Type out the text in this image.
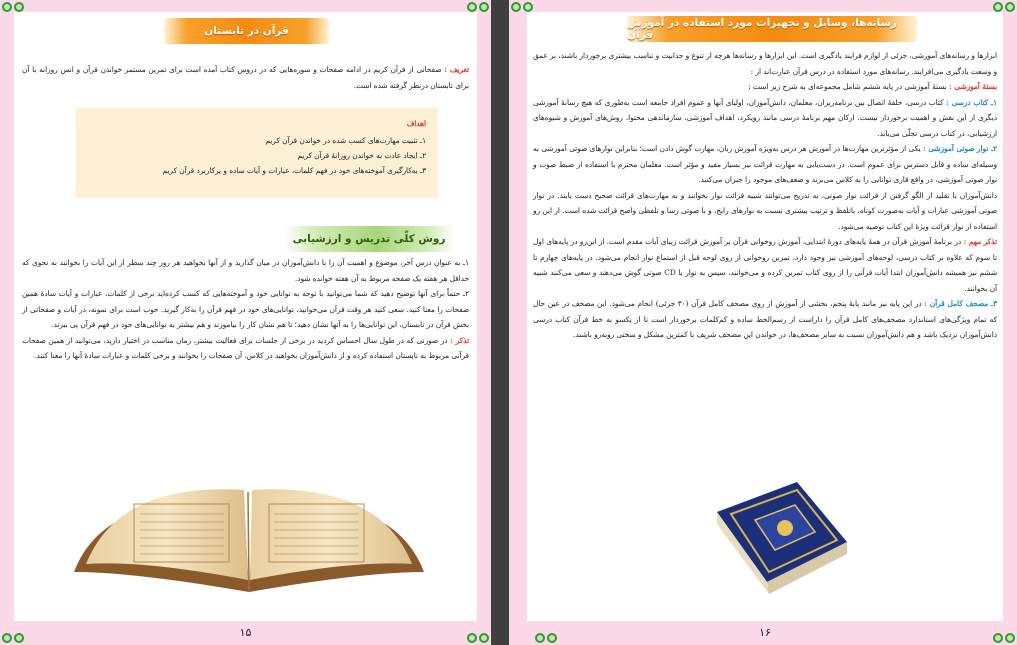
قرآن در تابستان

تعریف : صفحاتی از قرآن کریم در ادامه صفحات و سوره‌هایی که در دروس کتاب آمده است برای تمرین مستمر خواندن قرآن و انس روزانه با آن برای تابستان درنظر گرفته شده است.

اهداف
۱ـ تثبیت مهارت‌های کسب شده در خواندن قرآن کریم
۲ـ ایجاد عادت به خواندن روزانهٔ قرآن کریم
۳ـ به‌کارگیری آموخته‌های خود در فهم کلمات، عبارات و آیات ساده و پرکاربرد قرآن کریم
روش کلّی تدریس و ارزشیابی

۱ـ به عنوان درس آخر، موضوع و اهمیت آن را با دانش‌آموزان در میان گذارید و از آنها بخواهید هر روز چند سطر از این آیات را بخوانند به نحوی که حداقل هر هفته یک صفحه مربوط به آن هفته خوانده شود.

۲ـ حتماً برای آنها توضیح دهید که شما می‌توانید با توجه به توانایی خود و آموخته‌هایی که کسب کرده‌اید برخی از کلمات، عبارات و آیات سادهٔ همین صفحات را معنا کنید. سعی کنید هر وقت قرآن می‌خوانید، توانایی‌های خود در فهم قرآن را به‌کار گیرید. خوب است برای نمونه، در آیات و صفحاتی از بخش قرآن در تابستان، این توانایی‌ها را به آنها نشان دهید؛ تا هم نشان کار را بیاموزند و هم بیشتر به توانایی‌های خود در فهم قرآن پی ببرند.

تذکر : در صورتی که در طول سال احساس کردید در برخی از جلسات برای فعالیت بیشتر، زمان مناسب در اختیار دارید، می‌توانید از همین صفحات قرآنی مربوط به تابستان استفاده کرده و از دانش‌آموزان بخواهید در کلاس، آن صفحات را بخوانند و برخی کلمات و عبارات سادهٔ آنها را معنا کنند.

۱۵
رسانه‌ها، وسایل و تجهیزات مورد استفاده در آموزش قرآن

ابزارها و رسانه‌های آموزشی، جزئی از لوازم فرایند یادگیری است. این ابزارها و رسانه‌ها هرچه از تنوع و جذابیت و تناسب بیشتری برخوردار باشند، بر عمق و وسعت یادگیری می‌افزایند. رسانه‌های مورد استفاده در درس قرآن عبارت‌اند از :

بستهٔ آموزشی : بستهٔ آموزشی در پایه ششم شامل مجموعه‌ای به شرح زیر است :

۱ـ کتاب درسی : کتاب درسی، حلقهٔ اتصال بین برنامه‌ریزان، معلمان، دانش‌آموزان، اولیای آنها و عموم افراد جامعه است به‌طوری که هیچ رسانهٔ آموزشی دیگری از این نقش و اهمیت برخوردار نیست. ارکان مهم برنامهٔ درسی مانند رویکرد، اهداف آموزشی، سازماندهی محتوا، روش‌های آموزش و شیوه‌های ارزشیابی، در کتاب درسی تجلّی می‌یابد.

۲ـ نوار صوتی آموزشی : یکی از مؤثرترین مهارت‌ها در آموزش هر درس به‌ویژه آموزش زبان، مهارت گوش دادن است؛ بنابراین نوارهای صوتی آموزشی به وسیله‌ای ساده و قابل دسترس برای عموم است. در دست‌یابی به مهارت قرائت نیز بسیار مفید و مؤثر است. معلمان محترم با استفاده از ضبط صوت و نوار صوتی آموزشی، در واقع قاری توانایی را به کلاس می‌برند و ضعف‌های موجود را جبران می‌کنند.

دانش‌آموزان با تقلید از الگو گرفتن از قرائت نوار صوتی، به تدریج می‌توانند شبیه قرائت نوار بخوانند و به مهارت‌های قرائت صحیح دست یابند. در نوار صوتی آموزشی عبارات و آیات به‌صورت کوتاه، باتلفظ و ترتیب بیشتری نسبت به نوارهای رایج، و با صوتی رسا و تلفظی واضح قرائت شده است. از این رو استفاده از نوار قرائت ویژهٔ این کتاب توصیه می‌شود.

تذکر مهم : در برنامهٔ آموزش قرآن در همهٔ پایه‌های دورهٔ ابتدایی، آموزش روخوانی قرآن بر آموزش قرائت زیبای آیات مقدم است. از این‌رو در پایه‌های اول تا سوم که علاوه بر کتاب درسی، لوحه‌های آموزشی نیز وجود دارد، تمرین روخوانی از روی لوحه قبل از استماع نوار انجام می‌شود. در پایه‌های چهارم تا ششم نیز همیشه دانش‌آموزان ابتدا آیات قرآنی را از روی کتاب تمرین کرده و می‌خوانند، سپس به نوار یا CD صوتی گوش می‌دهند و سعی می‌کنند شبیه آن بخوانند.

۳ـ مصحف کامل قرآن : در این پایه نیز مانند پایهٔ پنجم، بخشی از آموزش از روی مصحف کامل قرآن (۳۰ جزئی) انجام می‌شود. این مصحف در عین حال که تمام ویژگی‌های استاندارد مصحف‌های کامل قرآن را داراست از رسم‌الخط ساده و کم‌کلمات برخوردار است تا از یکسو به خط قرآن کتاب درسی دانش‌آموزان نزدیک باشد و هم دانش‌آموزان نسبت به سایر مصحف‌ها، در خواندن این مصحف شریف با کمترین مشکل و سختی روبه‌رو باشند.

۱۶
